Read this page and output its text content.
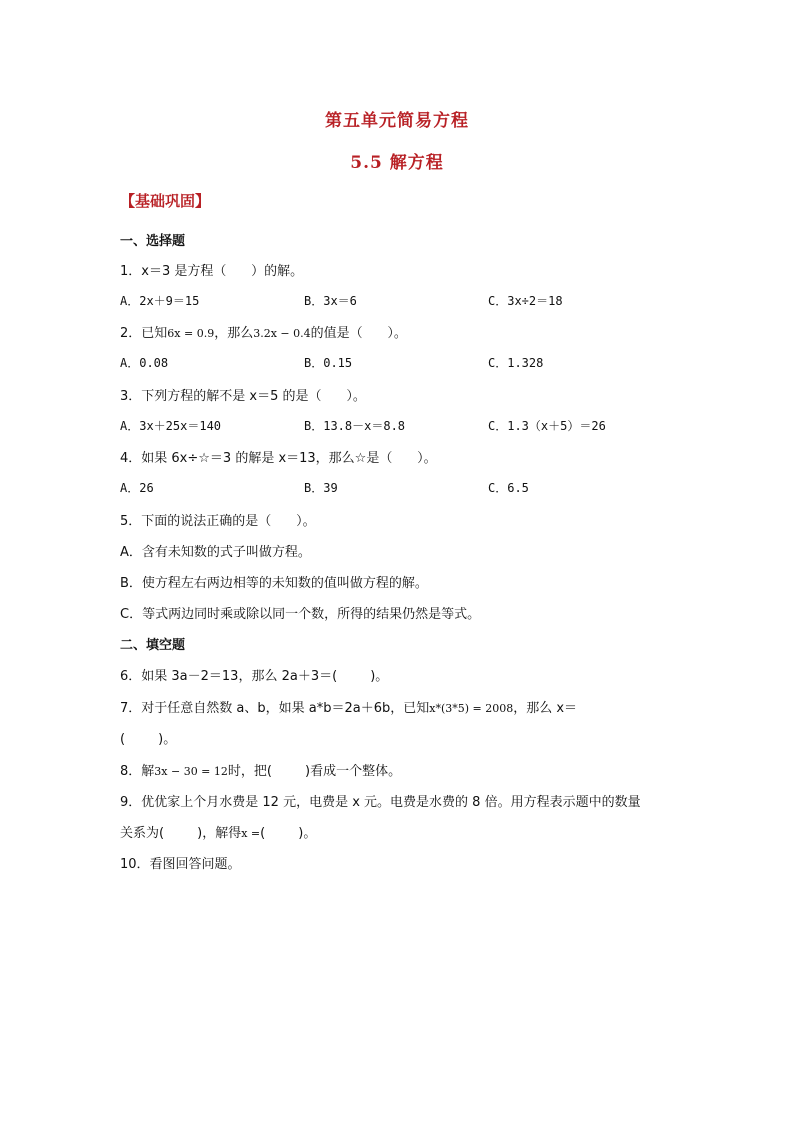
第五单元简易方程
5.5 解方程
【基础巩固】
一、选择题
1．x＝3 是方程（ ）的解。
A．2x＋9＝15	B．3x＝6	C．3x÷2＝18
2．已知6x = 0.9，那么3.2x − 0.4的值是（ ）。
A．0.08	B．0.15	C．1.328
3．下列方程的解不是 x＝5 的是（ ）。
A．3x＋25x＝140	B．13.8－x＝8.8	C．1.3（x＋5）＝26
4．如果 6x÷☆＝3 的解是 x＝13，那么☆是（ ）。
A．26	B．39	C．6.5
5．下面的说法正确的是（ ）。
A．含有未知数的式子叫做方程。
B．使方程左右两边相等的未知数的值叫做方程的解。
C．等式两边同时乘或除以同一个数，所得的结果仍然是等式。
二、填空题
6．如果 3a－2＝13，那么 2a＋3＝(	)。
7．对于任意自然数 a、b，如果 a*b＝2a＋6b，已知x*(3*5) = 2008，那么 x＝
(	)。
8．解3x − 30 = 12时，把(	)看成一个整体。
9．优优家上个月水费是 12 元，电费是 x 元。电费是水费的 8 倍。用方程表示题中的数量
关系为(	)，解得x =(	)。
10．看图回答问题。
